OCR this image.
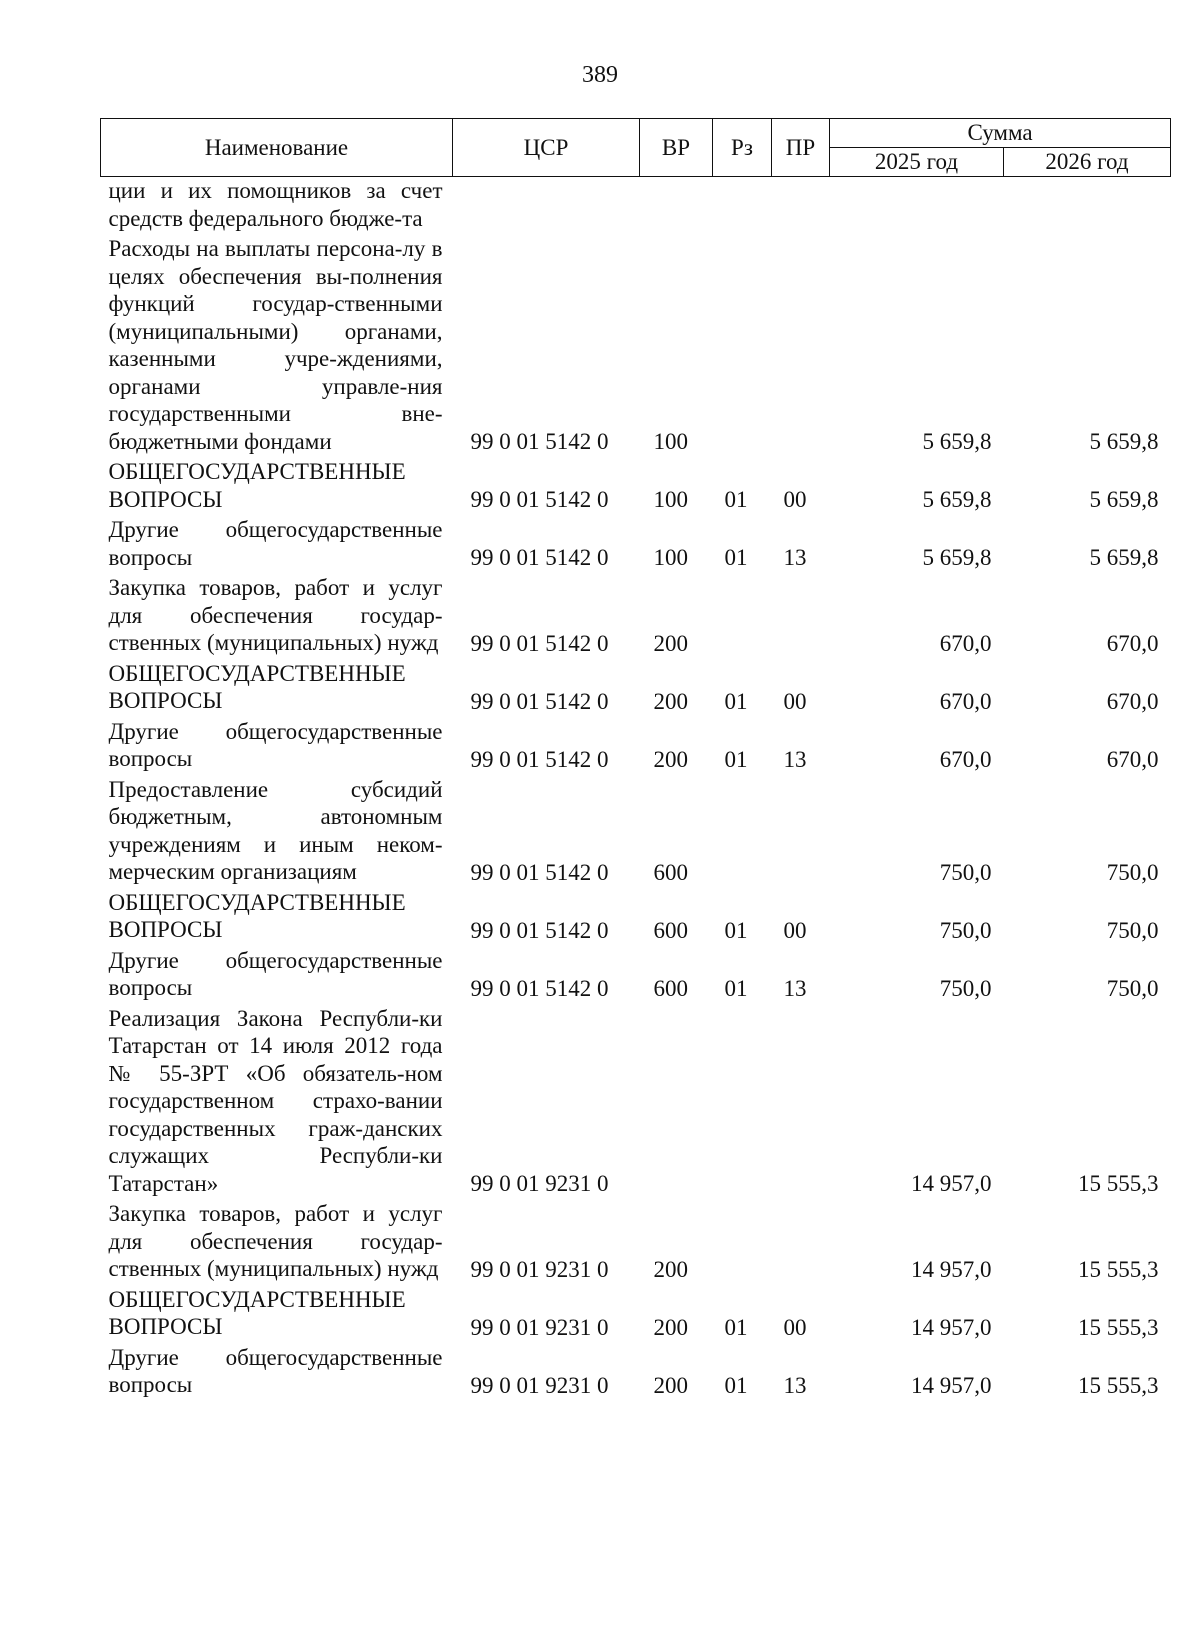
389
Наименование	ЦСР	ВР	Рз	ПР	Сумма	
					2025 год	2026 год
ции и их помощников за счет средств федерального бюдже-та						
Расходы на выплаты персона-лу в целях обеспечения вы-полнения функций государ-ственными (муниципальными) органами, казенными учре-ждениями, органами управле-ния государственными вне-бюджетными фондами	99 0 01 5142 0	100			5 659,8	5 659,8
ОБЩЕГОСУДАРСТВЕННЫЕ ВОПРОСЫ	99 0 01 5142 0	100	01	00	5 659,8	5 659,8
Другие общегосударственные вопросы	99 0 01 5142 0	100	01	13	5 659,8	5 659,8
Закупка товаров, работ и услуг для обеспечения государ-ственных (муниципальных) нужд	99 0 01 5142 0	200			670,0	670,0
ОБЩЕГОСУДАРСТВЕННЫЕ ВОПРОСЫ	99 0 01 5142 0	200	01	00	670,0	670,0
Другие общегосударственные вопросы	99 0 01 5142 0	200	01	13	670,0	670,0
Предоставление субсидий бюджетным, автономным учреждениям и иным неком-мерческим организациям	99 0 01 5142 0	600			750,0	750,0
ОБЩЕГОСУДАРСТВЕННЫЕ ВОПРОСЫ	99 0 01 5142 0	600	01	00	750,0	750,0
Другие общегосударственные вопросы	99 0 01 5142 0	600	01	13	750,0	750,0
Реализация Закона Республи-ки Татарстан от 14 июля 2012 года № 55-ЗРТ «Об обязатель-ном государственном страхо-вании государственных граж-данских служащих Республи-ки Татарстан»	99 0 01 9231 0				14 957,0	15 555,3
Закупка товаров, работ и услуг для обеспечения государ-ственных (муниципальных) нужд	99 0 01 9231 0	200			14 957,0	15 555,3
ОБЩЕГОСУДАРСТВЕННЫЕ ВОПРОСЫ	99 0 01 9231 0	200	01	00	14 957,0	15 555,3
Другие общегосударственные вопросы	99 0 01 9231 0	200	01	13	14 957,0	15 555,3
